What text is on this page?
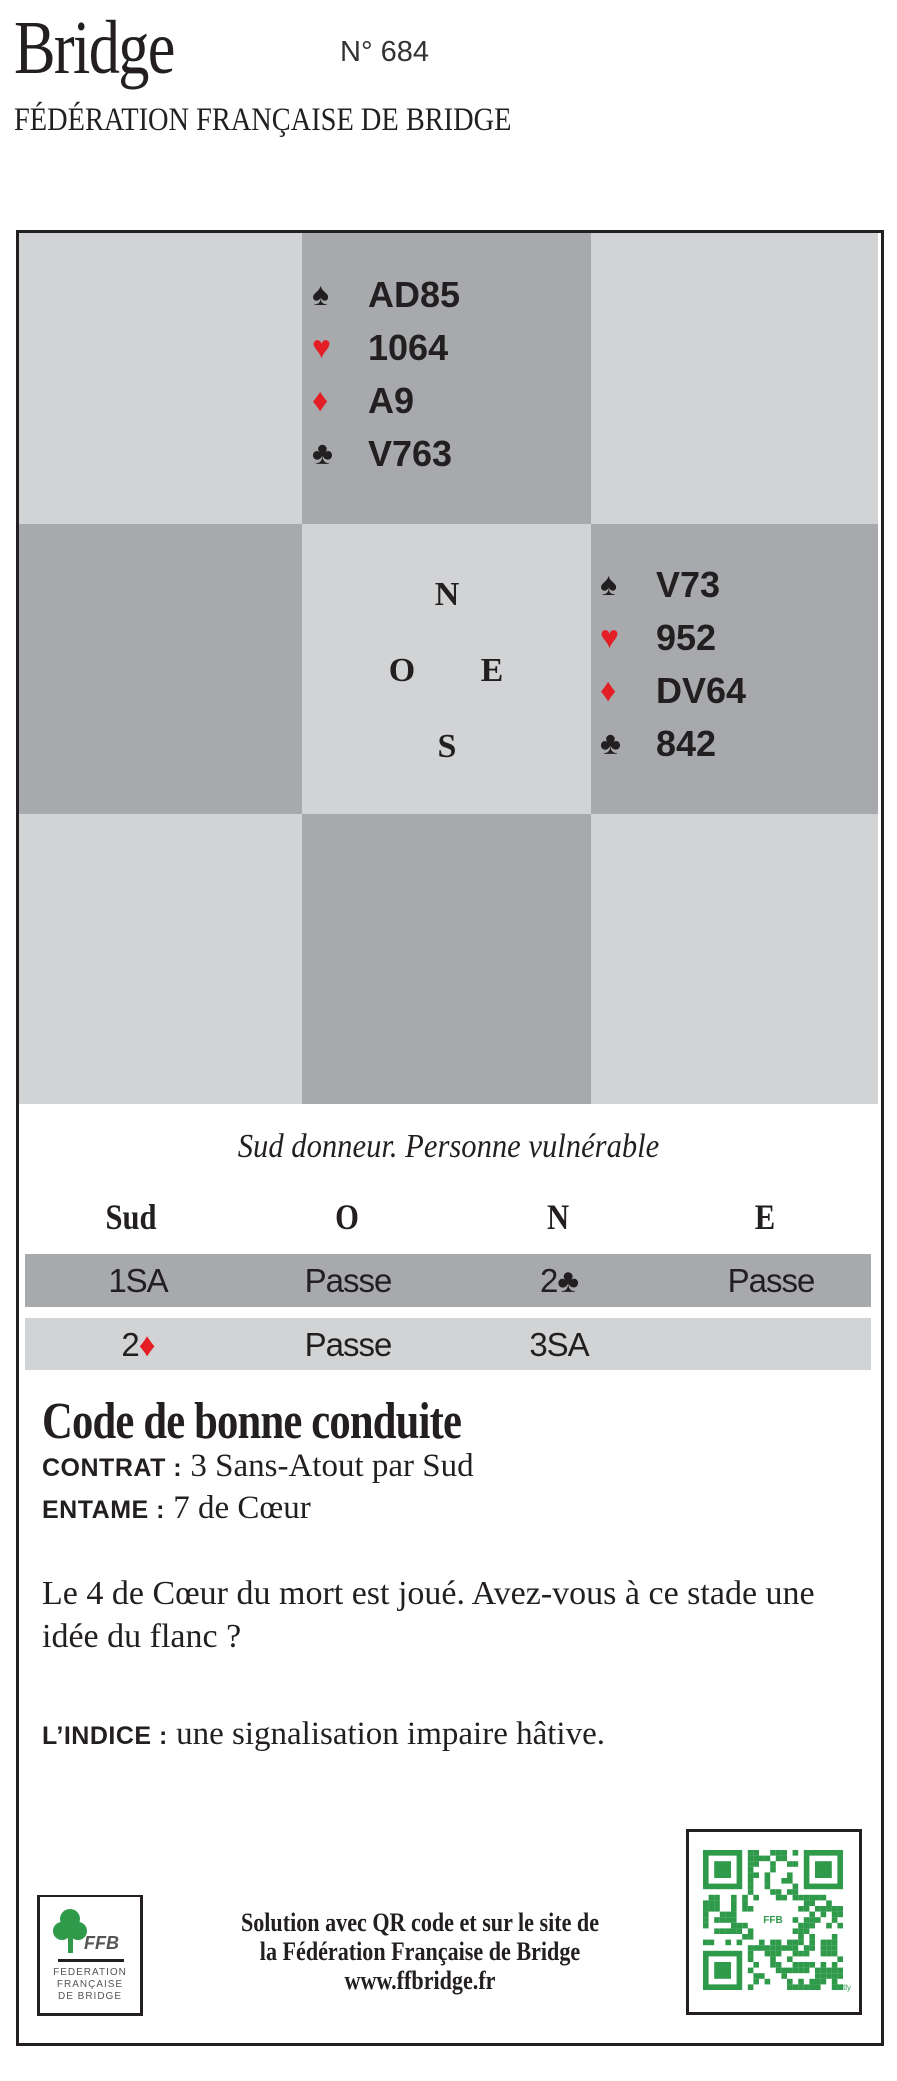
Bridge	N° 684
FÉDÉRATION FRANÇAISE DE BRIDGE
♠	AD85
♥	1064
♦	A9
♣ V763
♠	V73
♥	952
♦	DV64
♣ 842
N
O E
S
Sud donneur. Personne vulnérable
Sud	O	N	E
1SA	Passe	2♣	Passe
2♦	Passe	3SA
Code de bonne conduite
CONTRAT : 3 Sans-Atout par Sud
ENTAME : 7 de Cœur
Le 4 de Cœur du mort est joué. Avez-vous à ce stade une idée du flanc ?
L’INDICE : une signalisation impaire hâtive.
FFB
FEDERATION
FRANÇAISE
DE BRIDGE
Solution avec QR code et sur le site de
la Fédération Française de Bridge
www.ffbridge.fr
FFB
bitly
